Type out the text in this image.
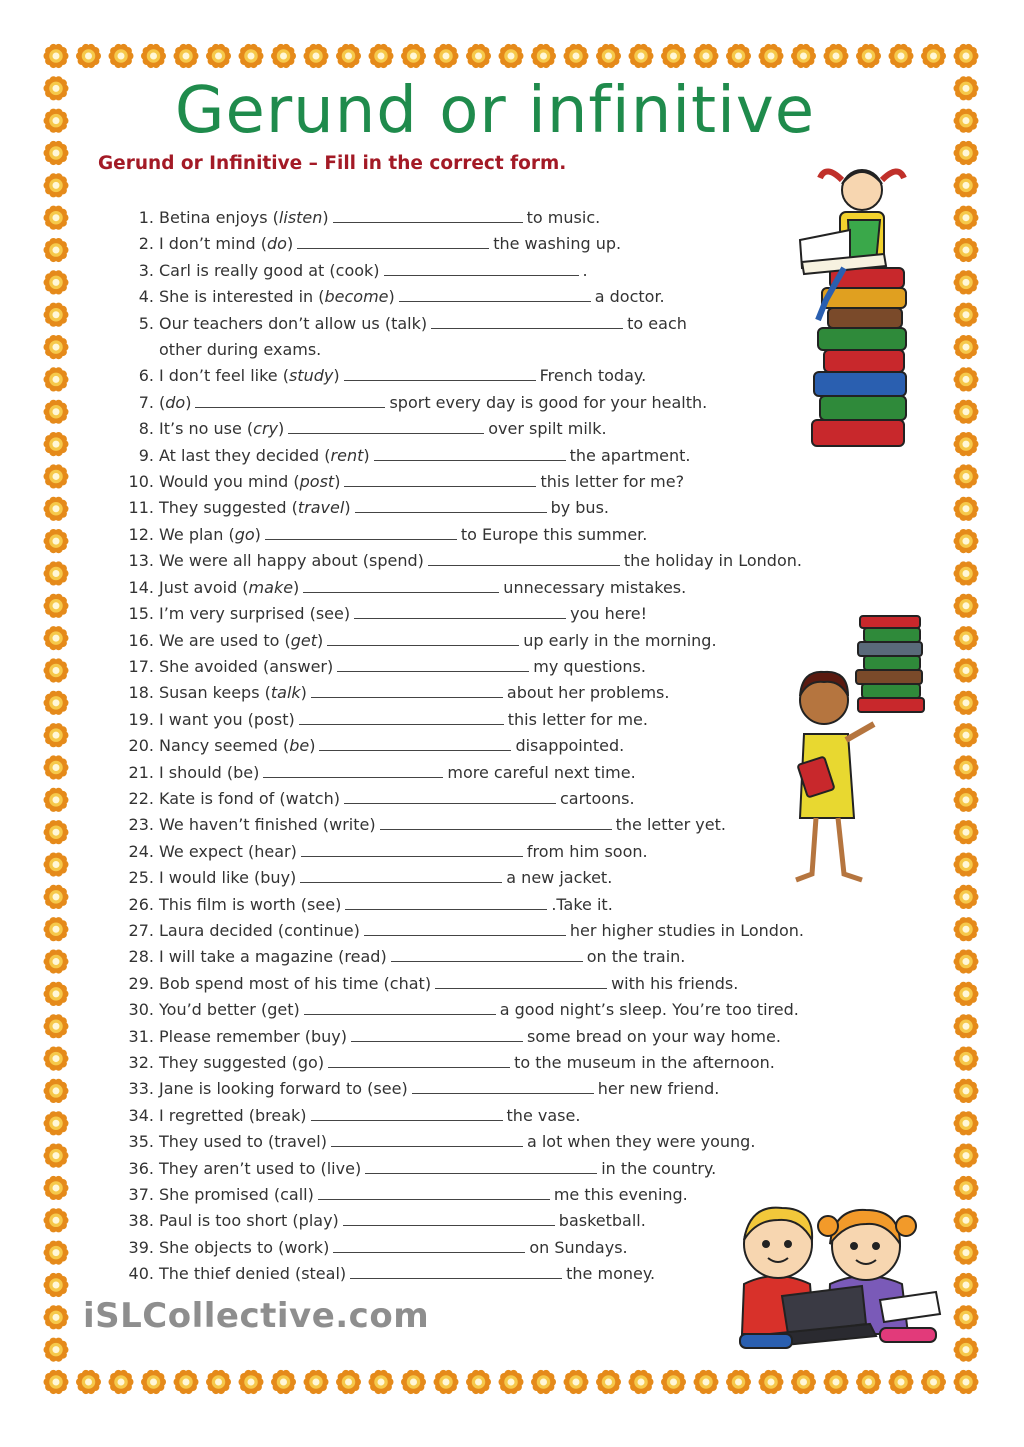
Gerund or infinitive
Gerund or Infinitive – Fill in the correct form.
1. Betina enjoys (listen)	to music.
2. I don’t mind (do)	the washing up.
3. Carl is really good at (cook)	.
4. She is interested in (become)	a doctor.
5. Our teachers don’t allow us (talk)	to each
other during exams.
6. I don’t feel like (study)	French today.
7. (do)	sport every day is good for your health.
8. It’s no use (cry)	over spilt milk.
9. At last they decided (rent)	the apartment.
10. Would you mind (post)	this letter for me?
11. They suggested (travel)	by bus.
12. We plan (go)	to Europe this summer.
13. We were all happy about (spend)	the holiday in London.
14. Just avoid (make)	unnecessary mistakes.
15. I’m very surprised (see)	you here!
16. We are used to (get)	up early in the morning.
17. She avoided (answer)	my questions.
18. Susan keeps (talk)	about her problems.
19. I want you (post)	this letter for me.
20. Nancy seemed (be)	disappointed.
21. I should (be)	more careful next time.
22. Kate is fond of (watch)	cartoons.
23. We haven’t finished (write)	the letter yet.
24. We expect (hear)	from him soon.
25. I would like (buy)	a new jacket.
26. This film is worth (see)	.Take it.
27. Laura decided (continue)	her higher studies in London.
28. I will take a magazine (read)	on the train.
29. Bob spend most of his time (chat)	with his friends.
30. You’d better (get)	a good night’s sleep. You’re too tired.
31. Please remember (buy)	some bread on your way home.
32. They suggested (go)	to the museum in the afternoon.
33. Jane is looking forward to (see)	her new friend.
34. I regretted (break)	the vase.
35. They used to (travel)	a lot when they were young.
36. They aren’t used to (live)	in the country.
37. She promised (call)	me this evening.
38. Paul is too short (play)	basketball.
39. She objects to (work)	on Sundays.
40. The thief denied (steal)	the money.
iSLCollective.com
